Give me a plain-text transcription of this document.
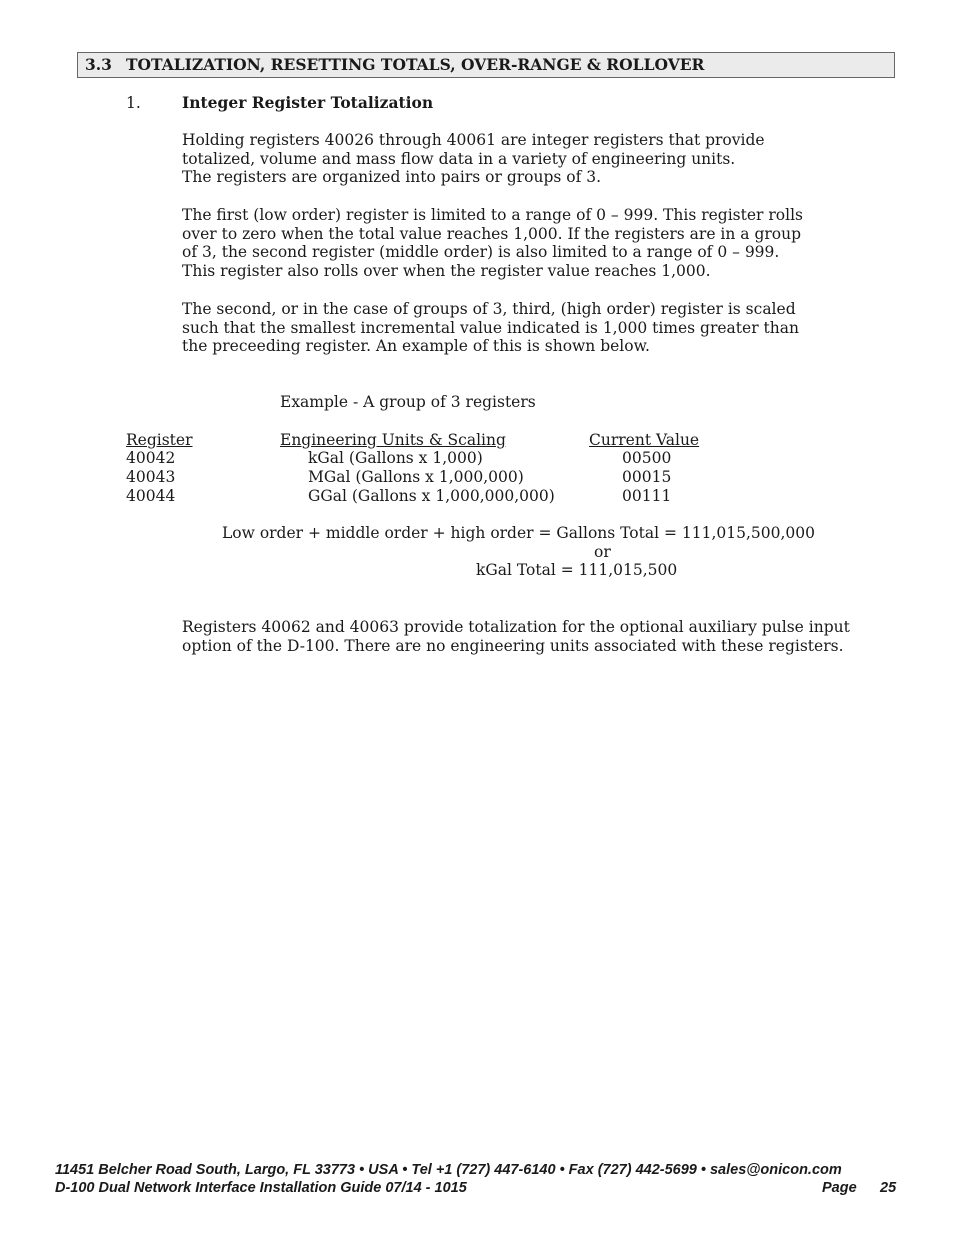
3.3 TOTALIZATION, RESETTING TOTALS, OVER-RANGE & ROLLOVER
1.	Integer Register Totalization
Holding registers 40026 through 40061 are integer registers that provide
totalized, volume and mass flow data in a variety of engineering units.
The registers are organized into pairs or groups of 3.
The first (low order) register is limited to a range of 0 – 999. This register rolls
over to zero when the total value reaches 1,000. If the registers are in a group
of 3, the second register (middle order) is also limited to a range of 0 – 999.
This register also rolls over when the register value reaches 1,000.
The second, or in the case of groups of 3, third, (high order) register is scaled
such that the smallest incremental value indicated is 1,000 times greater than
the preceeding register. An example of this is shown below.
Example - A group of 3 registers
Register	Engineering Units & Scaling	Current Value
40042	kGal (Gallons x 1,000)	00500
40043	MGal (Gallons x 1,000,000)	00015
40044	GGal (Gallons x 1,000,000,000)	00111
Low order + middle order + high order = Gallons Total = 111,015,500,000
or
kGal Total = 111,015,500
Registers 40062 and 40063 provide totalization for the optional auxiliary pulse input
option of the D-100. There are no engineering units associated with these registers.
11451 Belcher Road South, Largo, FL 33773 • USA • Tel +1 (727) 447-6140 • Fax (727) 442-5699 • sales@onicon.com
D-100 Dual Network Interface Installation Guide 07/14 - 1015	Page 25
